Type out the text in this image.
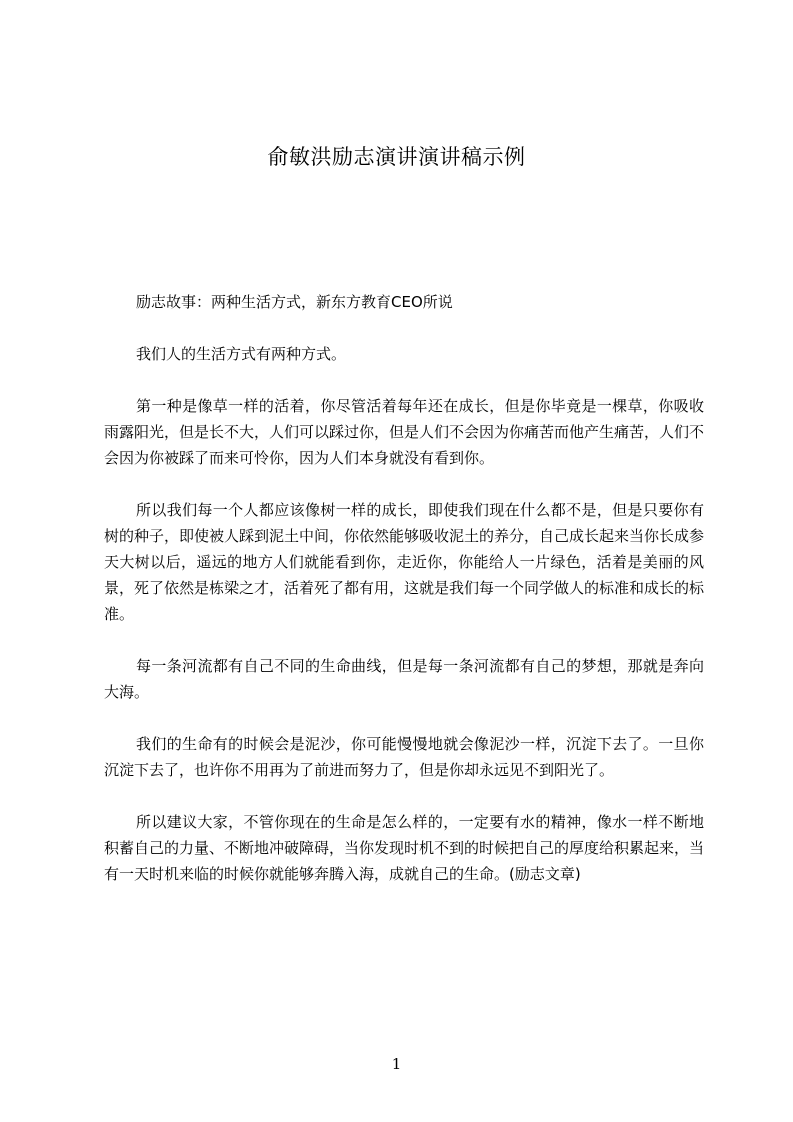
俞敏洪励志演讲演讲稿示例

励志故事：两种生活方式，新东方教育CEO所说

我们人的生活方式有两种方式。

第一种是像草一样的活着，你尽管活着每年还在成长，但是你毕竟是一棵草，你吸收雨露阳光，但是长不大，人们可以踩过你，但是人们不会因为你痛苦而他产生痛苦，人们不会因为你被踩了而来可怜你，因为人们本身就没有看到你。

所以我们每一个人都应该像树一样的成长，即使我们现在什么都不是，但是只要你有树的种子，即使被人踩到泥土中间，你依然能够吸收泥土的养分，自己成长起来当你长成参天大树以后，遥远的地方人们就能看到你，走近你，你能给人一片绿色，活着是美丽的风景，死了依然是栋梁之才，活着死了都有用，这就是我们每一个同学做人的标准和成长的标准。

每一条河流都有自己不同的生命曲线，但是每一条河流都有自己的梦想，那就是奔向大海。

我们的生命有的时候会是泥沙，你可能慢慢地就会像泥沙一样，沉淀下去了。一旦你沉淀下去了，也许你不用再为了前进而努力了，但是你却永远见不到阳光了。

所以建议大家，不管你现在的生命是怎么样的，一定要有水的精神，像水一样不断地积蓄自己的力量、不断地冲破障碍，当你发现时机不到的时候把自己的厚度给积累起来，当有一天时机来临的时候你就能够奔腾入海，成就自己的生命。(励志文章)

1
